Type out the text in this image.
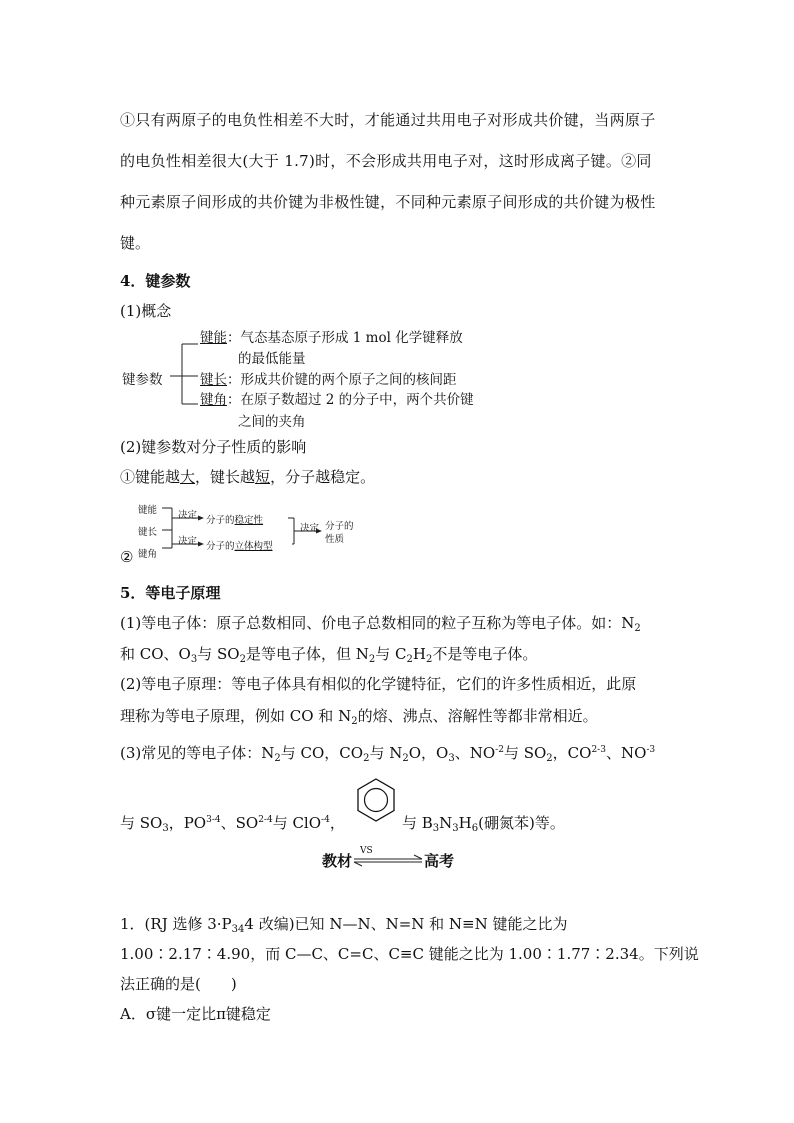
①只有两原子的电负性相差不大时，才能通过共用电子对形成共价键，当两原子
的电负性相差很大(大于 1.7)时，不会形成共用电子对，这时形成离子键。②同
种元素原子间形成的共价键为非极性键，不同种元素原子间形成的共价键为极性
键。
4．键参数
(1)概念
键参数
键能：气态基态原子形成 1 mol 化学键释放
的最低能量
键长：形成共价键的两个原子之间的核间距
键角：在原子数超过 2 的分子中，两个共价键
之间的夹角
(2)键参数对分子性质的影响
①键能越大，键长越短，分子越稳定。
键能
键长
键角
决定
决定
决定
分子的稳定性
分子的立体构型
分子的
性质
②
5．等电子原理
(1)等电子体：原子总数相同、价电子总数相同的粒子互称为等电子体。如：$N_2$
和 CO、$O_3$与 $SO_2$是等电子体，但 $N_2$与 $C_2H_2$不是等电子体。
(2)等电子原理：等电子体具有相似的化学键特征，它们的许多性质相近，此原
理称为等电子原理，例如 CO 和 $N_2$的熔、沸点、溶解性等都非常相近。
(3)常见的等电子体：$N_2$与 CO，$CO_2$与 $N_2O$，$O_3$、$NO^{-2}$与 $SO_2$，CO$^{2-3}$、$NO^{-3}$
与 $SO_3$，PO$^{3-4}$、SO$^{2-4}$与 ClO$^{-4}$，	与 $B_3N_3H_6$(硼氮苯)等。
教材
VS
高考
1．(RJ 选修 $3\cdot P_{34}4$ 改编)已知 N—N、N=N 和 N≡N 键能之比为
1.00∶2.17∶4.90，而 C—C、C=C、C≡C 键能之比为 1.00∶1.77∶2.34。下列说
法正确的是(　　)
A．σ键一定比π键稳定
